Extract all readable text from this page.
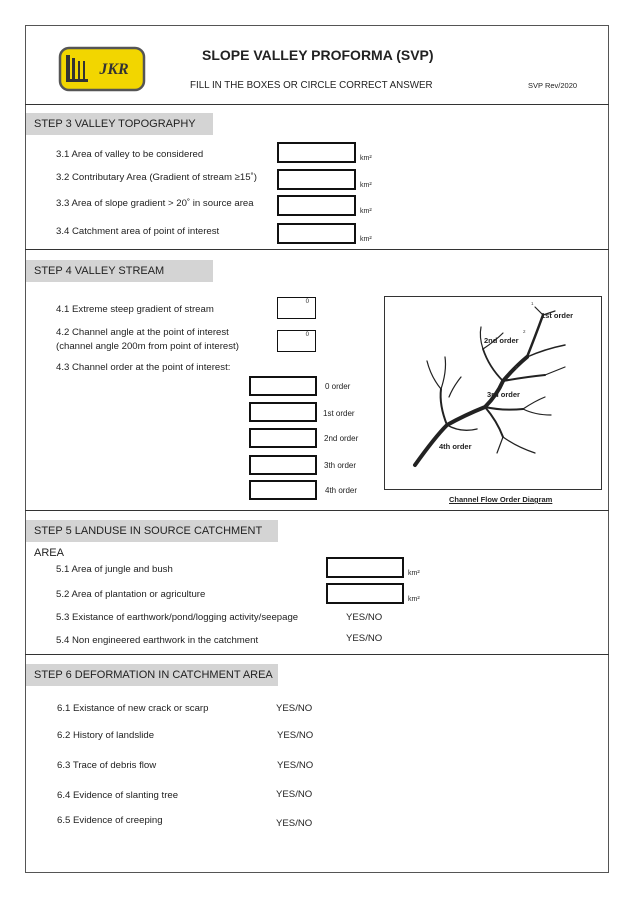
JKR
SLOPE VALLEY PROFORMA (SVP)
FILL IN THE BOXES OR CIRCLE CORRECT ANSWER	SVP Rev/2020
STEP 3 VALLEY TOPOGRAPHY
3.1 Area of valley to be considered	km²
3.2 Contributary Area (Gradient of stream ≥15˚)
km²
3.3 Area of slope gradient > 20˚ in source area
km²
3.4 Catchment area of point of interest
km²
STEP 4 VALLEY STREAM
4.1 Extreme steep gradient of stream
0
4.2 Channel angle at the point of interest
(channel angle 200m from point of interest)
0
4.3 Channel order at the point of interest:
0 order
1st order
2nd order
3th order
4th order
1st order
2nd order
3rd order
4th order
1
2
3
Channel Flow Order Diagram
STEP 5 LANDUSE IN SOURCE CATCHMENT AREA
5.1 Area of jungle and bush	km²
5.2 Area of plantation or agriculture	km²
5.3 Existance of earthwork/pond/logging activity/seepage	YES/NO
5.4 Non engineered earthwork in the catchment	YES/NO
STEP 6 DEFORMATION IN CATCHMENT AREA
6.1 Existance of new crack or scarp	YES/NO
6.2 History of landslide	YES/NO
6.3 Trace of debris flow	YES/NO
6.4 Evidence of slanting tree	YES/NO
6.5 Evidence of creeping	YES/NO
